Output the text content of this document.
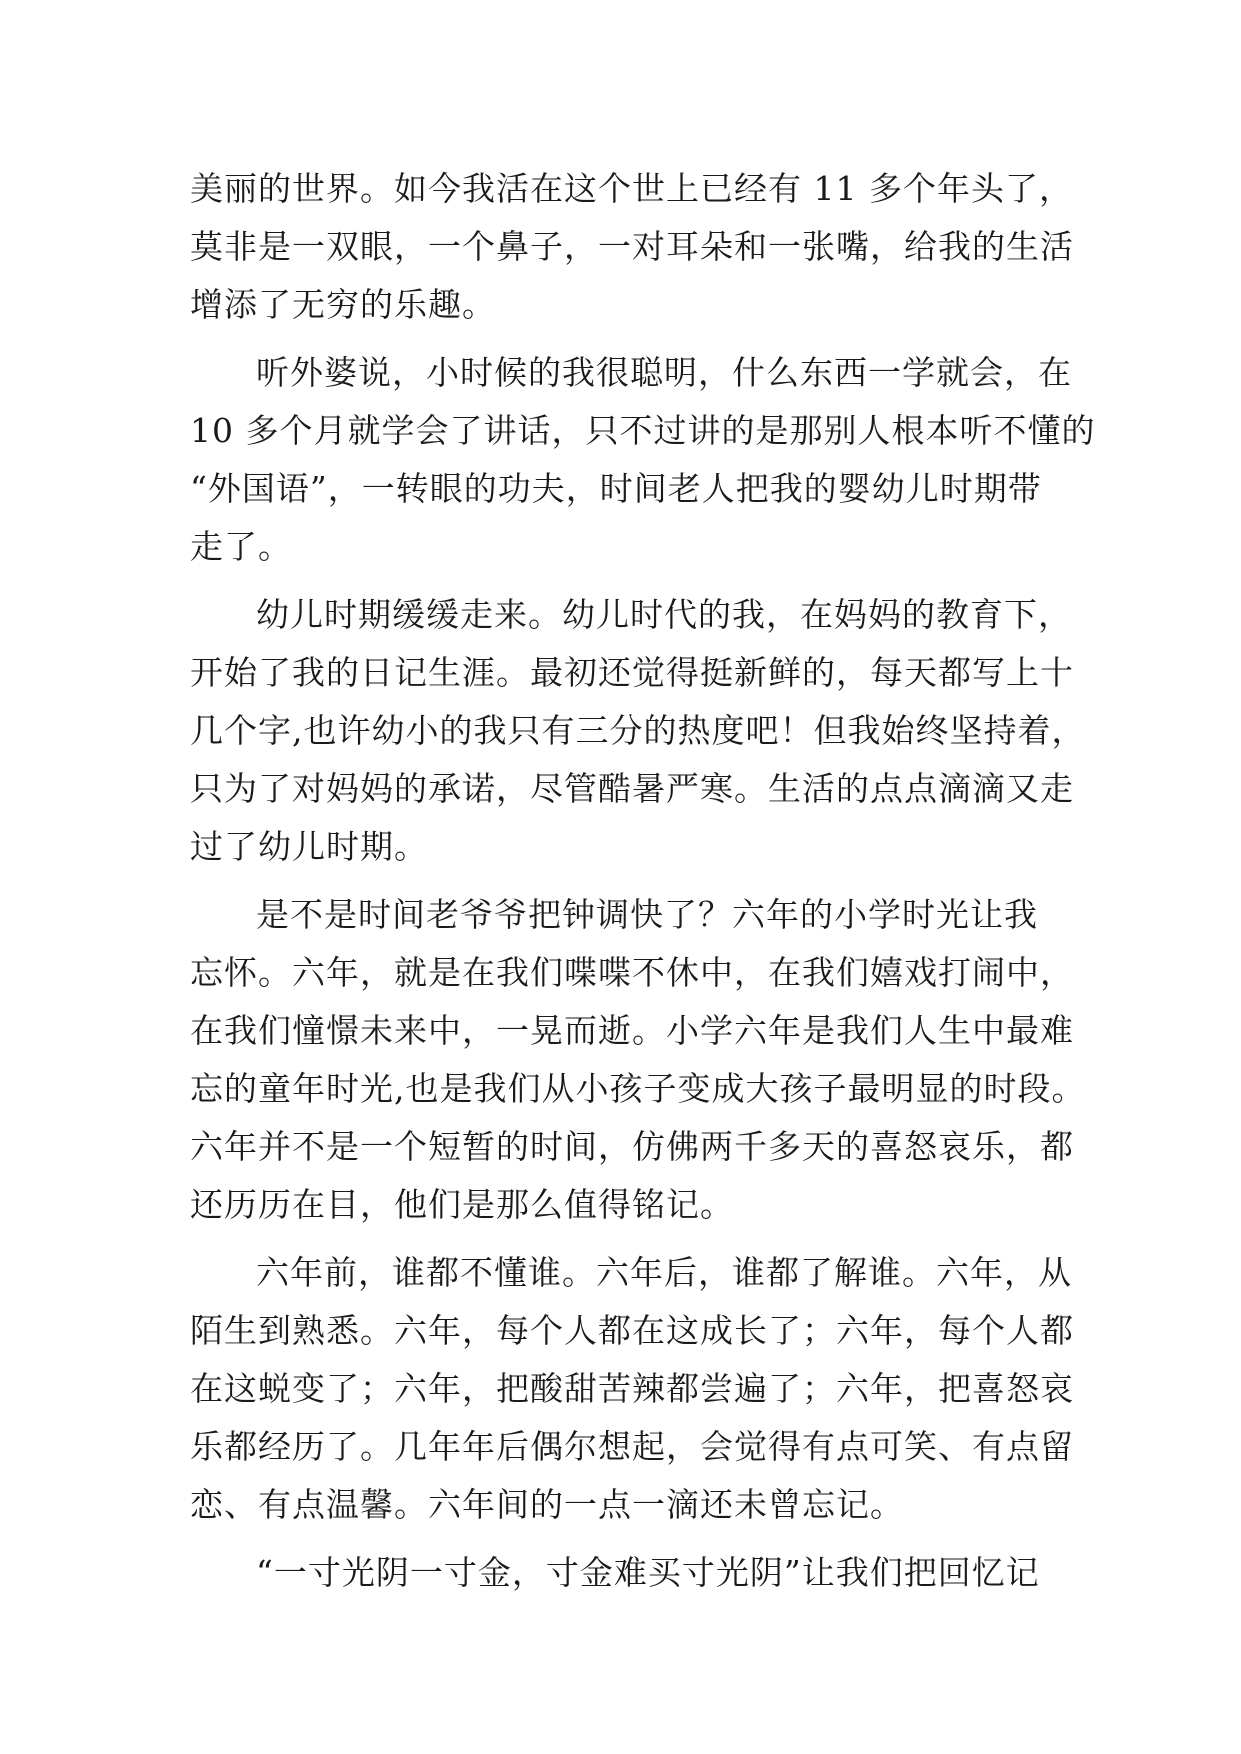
美丽的世界。如今我活在这个世上已经有 11 多个年头了，
莫非是一双眼，一个鼻子，一对耳朵和一张嘴，给我的生活
增添了无穷的乐趣。
听外婆说，小时候的我很聪明，什么东西一学就会，在
10 多个月就学会了讲话，只不过讲的是那别人根本听不懂的
“外国语”，一转眼的功夫，时间老人把我的婴幼儿时期带
走了。
幼儿时期缓缓走来。幼儿时代的我，在妈妈的教育下，
开始了我的日记生涯。最初还觉得挺新鲜的，每天都写上十
几个字,也许幼小的我只有三分的热度吧！但我始终坚持着，
只为了对妈妈的承诺，尽管酷暑严寒。生活的点点滴滴又走
过了幼儿时期。
是不是时间老爷爷把钟调快了？六年的小学时光让我
忘怀。六年，就是在我们喋喋不休中，在我们嬉戏打闹中，
在我们憧憬未来中，一晃而逝。小学六年是我们人生中最难
忘的童年时光,也是我们从小孩子变成大孩子最明显的时段。
六年并不是一个短暂的时间，仿佛两千多天的喜怒哀乐，都
还历历在目，他们是那么值得铭记。
六年前，谁都不懂谁。六年后，谁都了解谁。六年，从
陌生到熟悉。六年，每个人都在这成长了；六年，每个人都
在这蜕变了；六年，把酸甜苦辣都尝遍了；六年，把喜怒哀
乐都经历了。几年年后偶尔想起，会觉得有点可笑、有点留
恋、有点温馨。六年间的一点一滴还未曾忘记。
“一寸光阴一寸金，寸金难买寸光阴”让我们把回忆记
